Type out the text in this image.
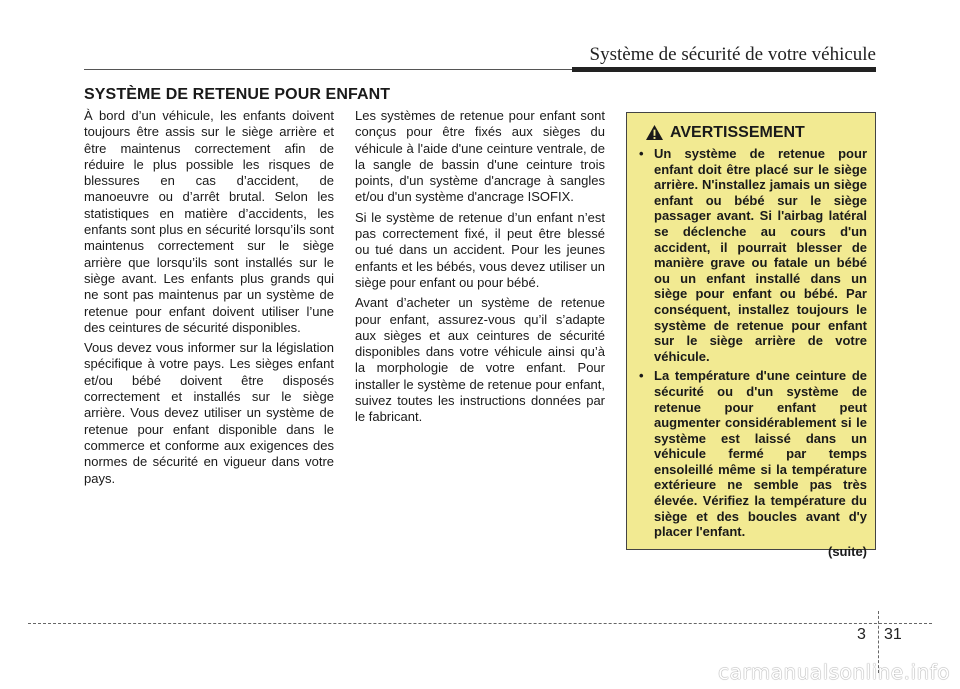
Système de sécurité de votre véhicule
SYSTÈME DE RETENUE POUR ENFANT

À bord d’un véhicule, les enfants doivent toujours être assis sur le siège arrière et être maintenus correctement afin de réduire le plus possible les risques de blessures en cas d’accident, de manoeuvre ou d’arrêt brutal. Selon les statistiques en matière d’accidents, les enfants sont plus en sécurité lorsqu’ils sont maintenus correctement sur le siège arrière que lorsqu’ils sont installés sur le siège avant. Les enfants plus grands qui ne sont pas maintenus par un système de retenue pour enfant doivent utiliser l’une des ceintures de sécurité disponibles.

Vous devez vous informer sur la législation spécifique à votre pays. Les sièges enfant et/ou bébé doivent être disposés correctement et installés sur le siège arrière. Vous devez utiliser un système de retenue pour enfant disponible dans le commerce et conforme aux exigences des normes de sécurité en vigueur dans votre pays.

Les systèmes de retenue pour enfant sont conçus pour être fixés aux sièges du véhicule à l'aide d'une ceinture ventrale, de la sangle de bassin d'une ceinture trois points, d'un système d'ancrage à sangles et/ou d'un système d'ancrage ISOFIX.

Si le système de retenue d’un enfant n’est pas correctement fixé, il peut être blessé ou tué dans un accident. Pour les jeunes enfants et les bébés, vous devez utiliser un siège pour enfant ou pour bébé.

Avant d’acheter un système de retenue pour enfant, assurez-vous qu’il s’adapte aux sièges et aux ceintures de sécurité disponibles dans votre véhicule ainsi qu’à la morphologie de votre enfant. Pour installer le système de retenue pour enfant, suivez toutes les instructions données par le fabricant.

AVERTISSEMENT
• Un système de retenue pour enfant doit être placé sur le siège arrière. N'installez jamais un siège enfant ou bébé sur le siège passager avant. Si l'airbag latéral se déclenche au cours d'un accident, il pourrait blesser de manière grave ou fatale un bébé ou un enfant installé dans un siège pour enfant ou bébé. Par conséquent, installez toujours le système de retenue pour enfant sur le siège arrière de votre véhicule.
• La température d'une ceinture de sécurité ou d'un système de retenue pour enfant peut augmenter considérablement si le système est laissé dans un véhicule fermé par temps ensoleillé même si la température extérieure ne semble pas très élevée. Vérifiez la température du siège et des boucles avant d'y placer l'enfant.
(suite)
3 31
carmanualsonline.info
